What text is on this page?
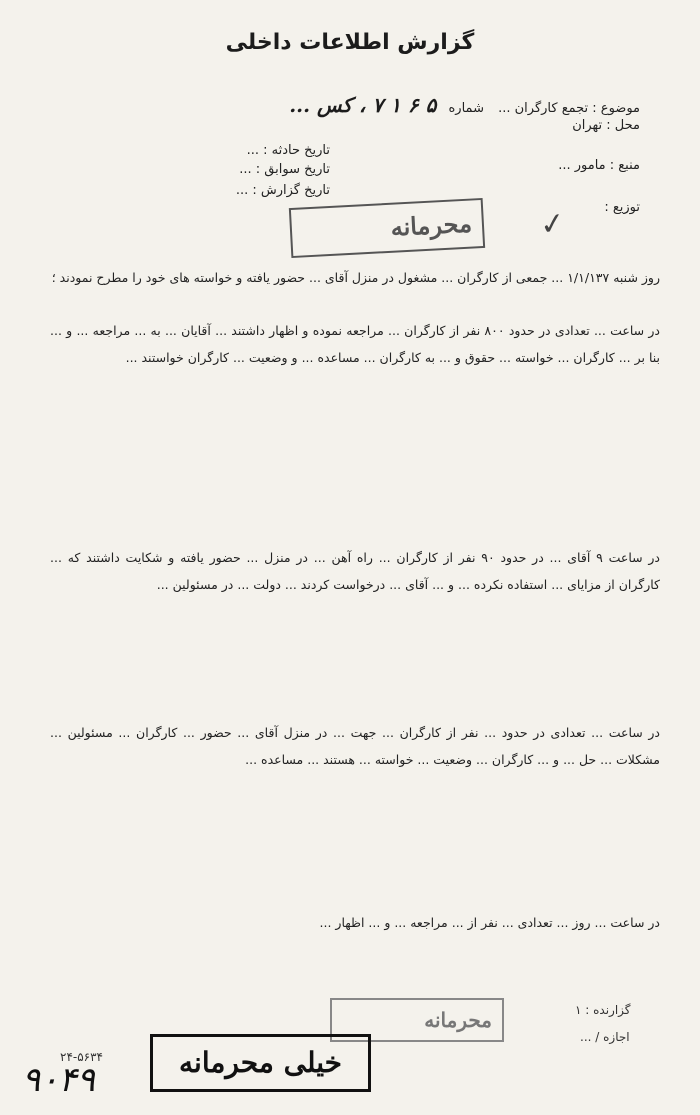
گزارش اطلاعات داخلی
موضوع : تجمع کارگران ... شماره ۵ ۶ ۱ ۷ ، کس ...
محل : تهران
تاریخ حادثه : ...
منبع : مامور ...
تاریخ سوابق : ...
تاریخ گزارش : ...
توزیع :
✓
محرمانه
روز شنبه ۱/۱/۱۳۷ ... جمعی از کارگران ... مشغول در منزل آقای ... حضور یافته و خواسته های خود را مطرح نمودند ؛
در ساعت ... تعدادی در حدود ۸۰۰ نفر از کارگران ... مراجعه نموده و اظهار داشتند ... آقایان ... به ... مراجعه ... و ... بنا بر ... کارگران ... خواسته ... حقوق و ... به کارگران ... مساعده ... و وضعیت ... کارگران خواستند ...
در ساعت ۹ آقای ... در حدود ۹۰ نفر از کارگران ... راه آهن ... در منزل ... حضور یافته و شکایت داشتند که ... کارگران از مزایای ... استفاده نکرده ... و ... آقای ... درخواست کردند ... دولت ... در مسئولین ...
در ساعت ... تعدادی در حدود ... نفر از کارگران ... جهت ... در منزل آقای ... حضور ... کارگران ... مسئولین ... مشکلات ... حل ... و ... کارگران ... وضعیت ... خواسته ... هستند ... مساعده ...
در ساعت ... روز ... تعدادی ... نفر از ... مراجعه ... و ... اظهار ...
گزارنده : ۱
اجازه / ...
محرمانه
خیلی محرمانه
۲۴-۵۶۳۴
۹۰۴۹
